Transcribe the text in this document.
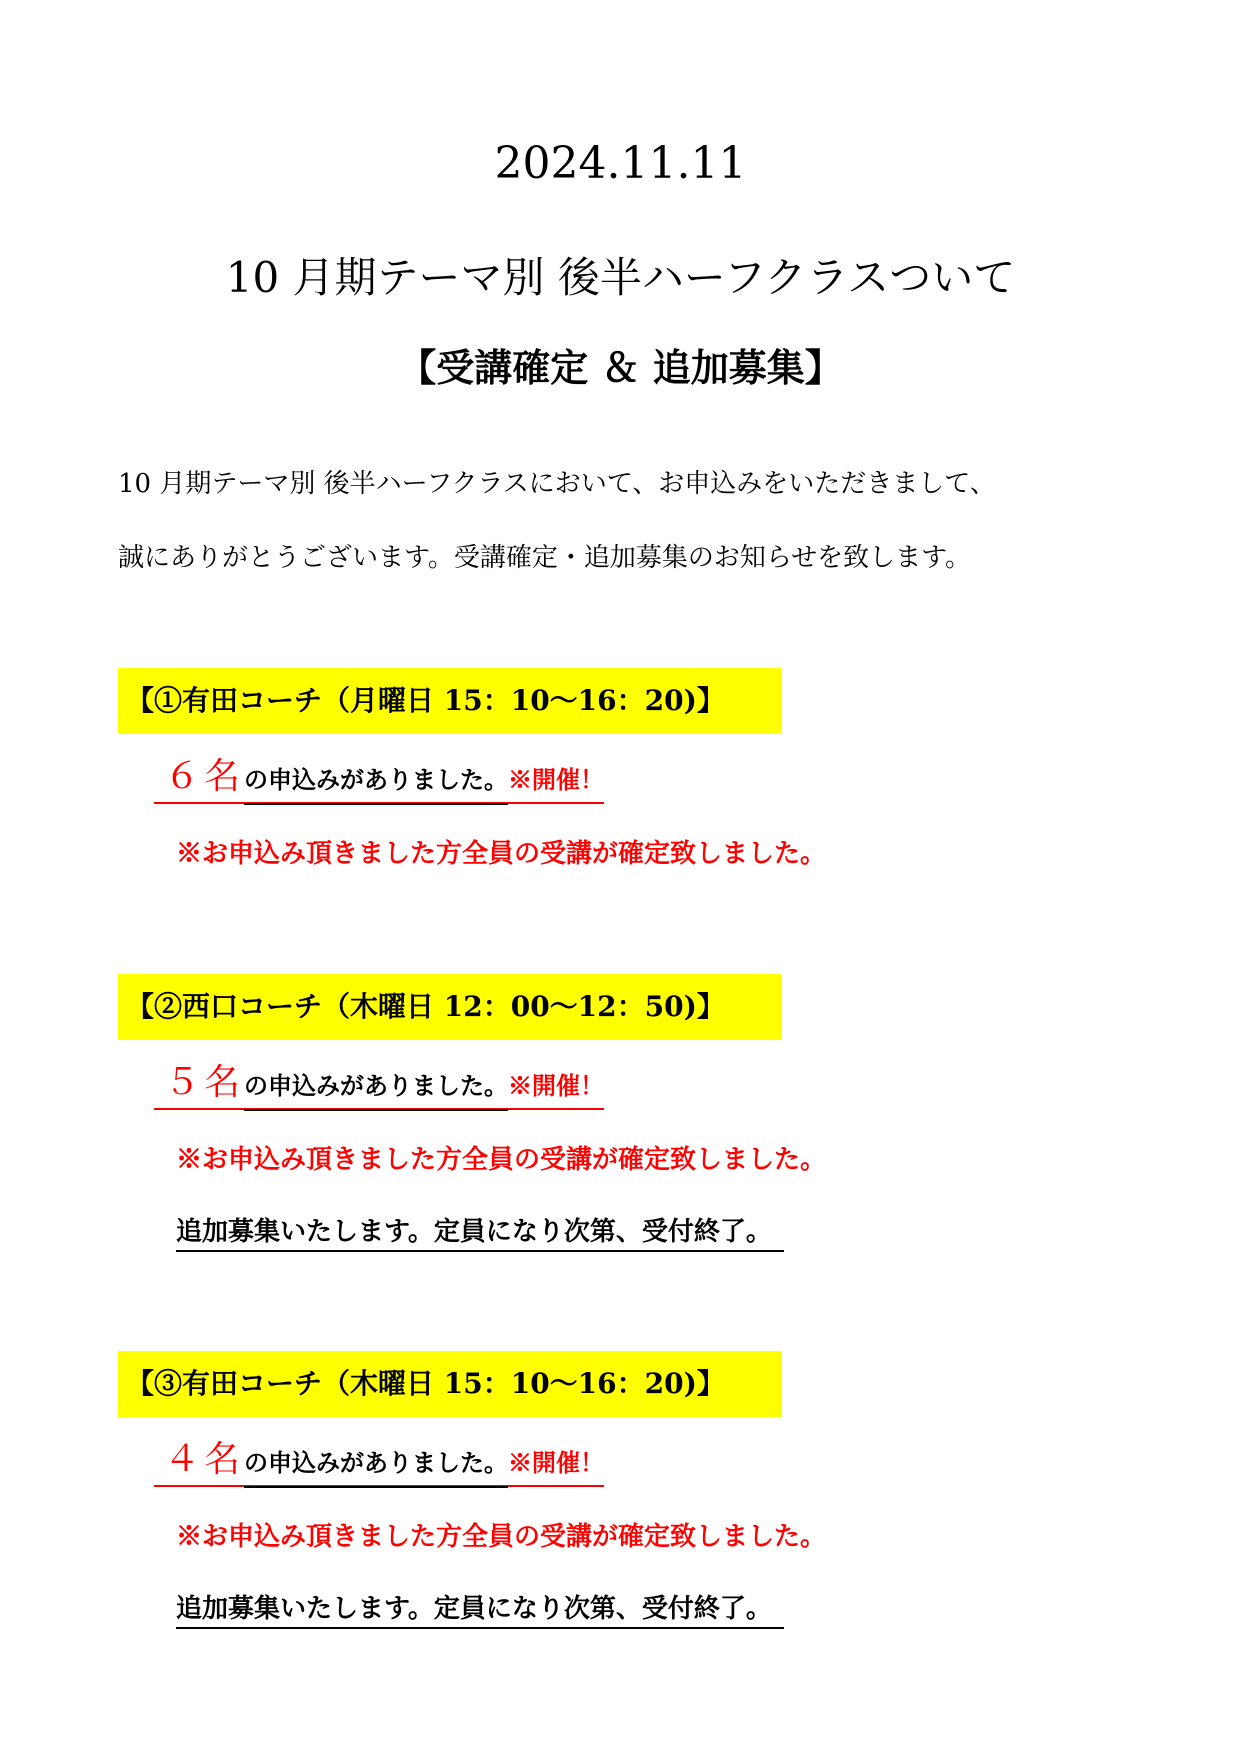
2024.11.11
10 月期テーマ別 後半ハーフクラスついて
【受講確定 ＆ 追加募集】
10 月期テーマ別 後半ハーフクラスにおいて、お申込みをいただきまして、
誠にありがとうございます。受講確定・追加募集のお知らせを致します。
【①有田コーチ（月曜日 15：10～16：20)】
６名の申込みがありました。※開催！
※お申込み頂きました方全員の受講が確定致しました。
【②西口コーチ（木曜日 12：00～12：50)】
５名の申込みがありました。※開催！
※お申込み頂きました方全員の受講が確定致しました。
追加募集いたします。定員になり次第、受付終了。
【③有田コーチ（木曜日 15：10～16：20)】
４名の申込みがありました。※開催！
※お申込み頂きました方全員の受講が確定致しました。
追加募集いたします。定員になり次第、受付終了。
